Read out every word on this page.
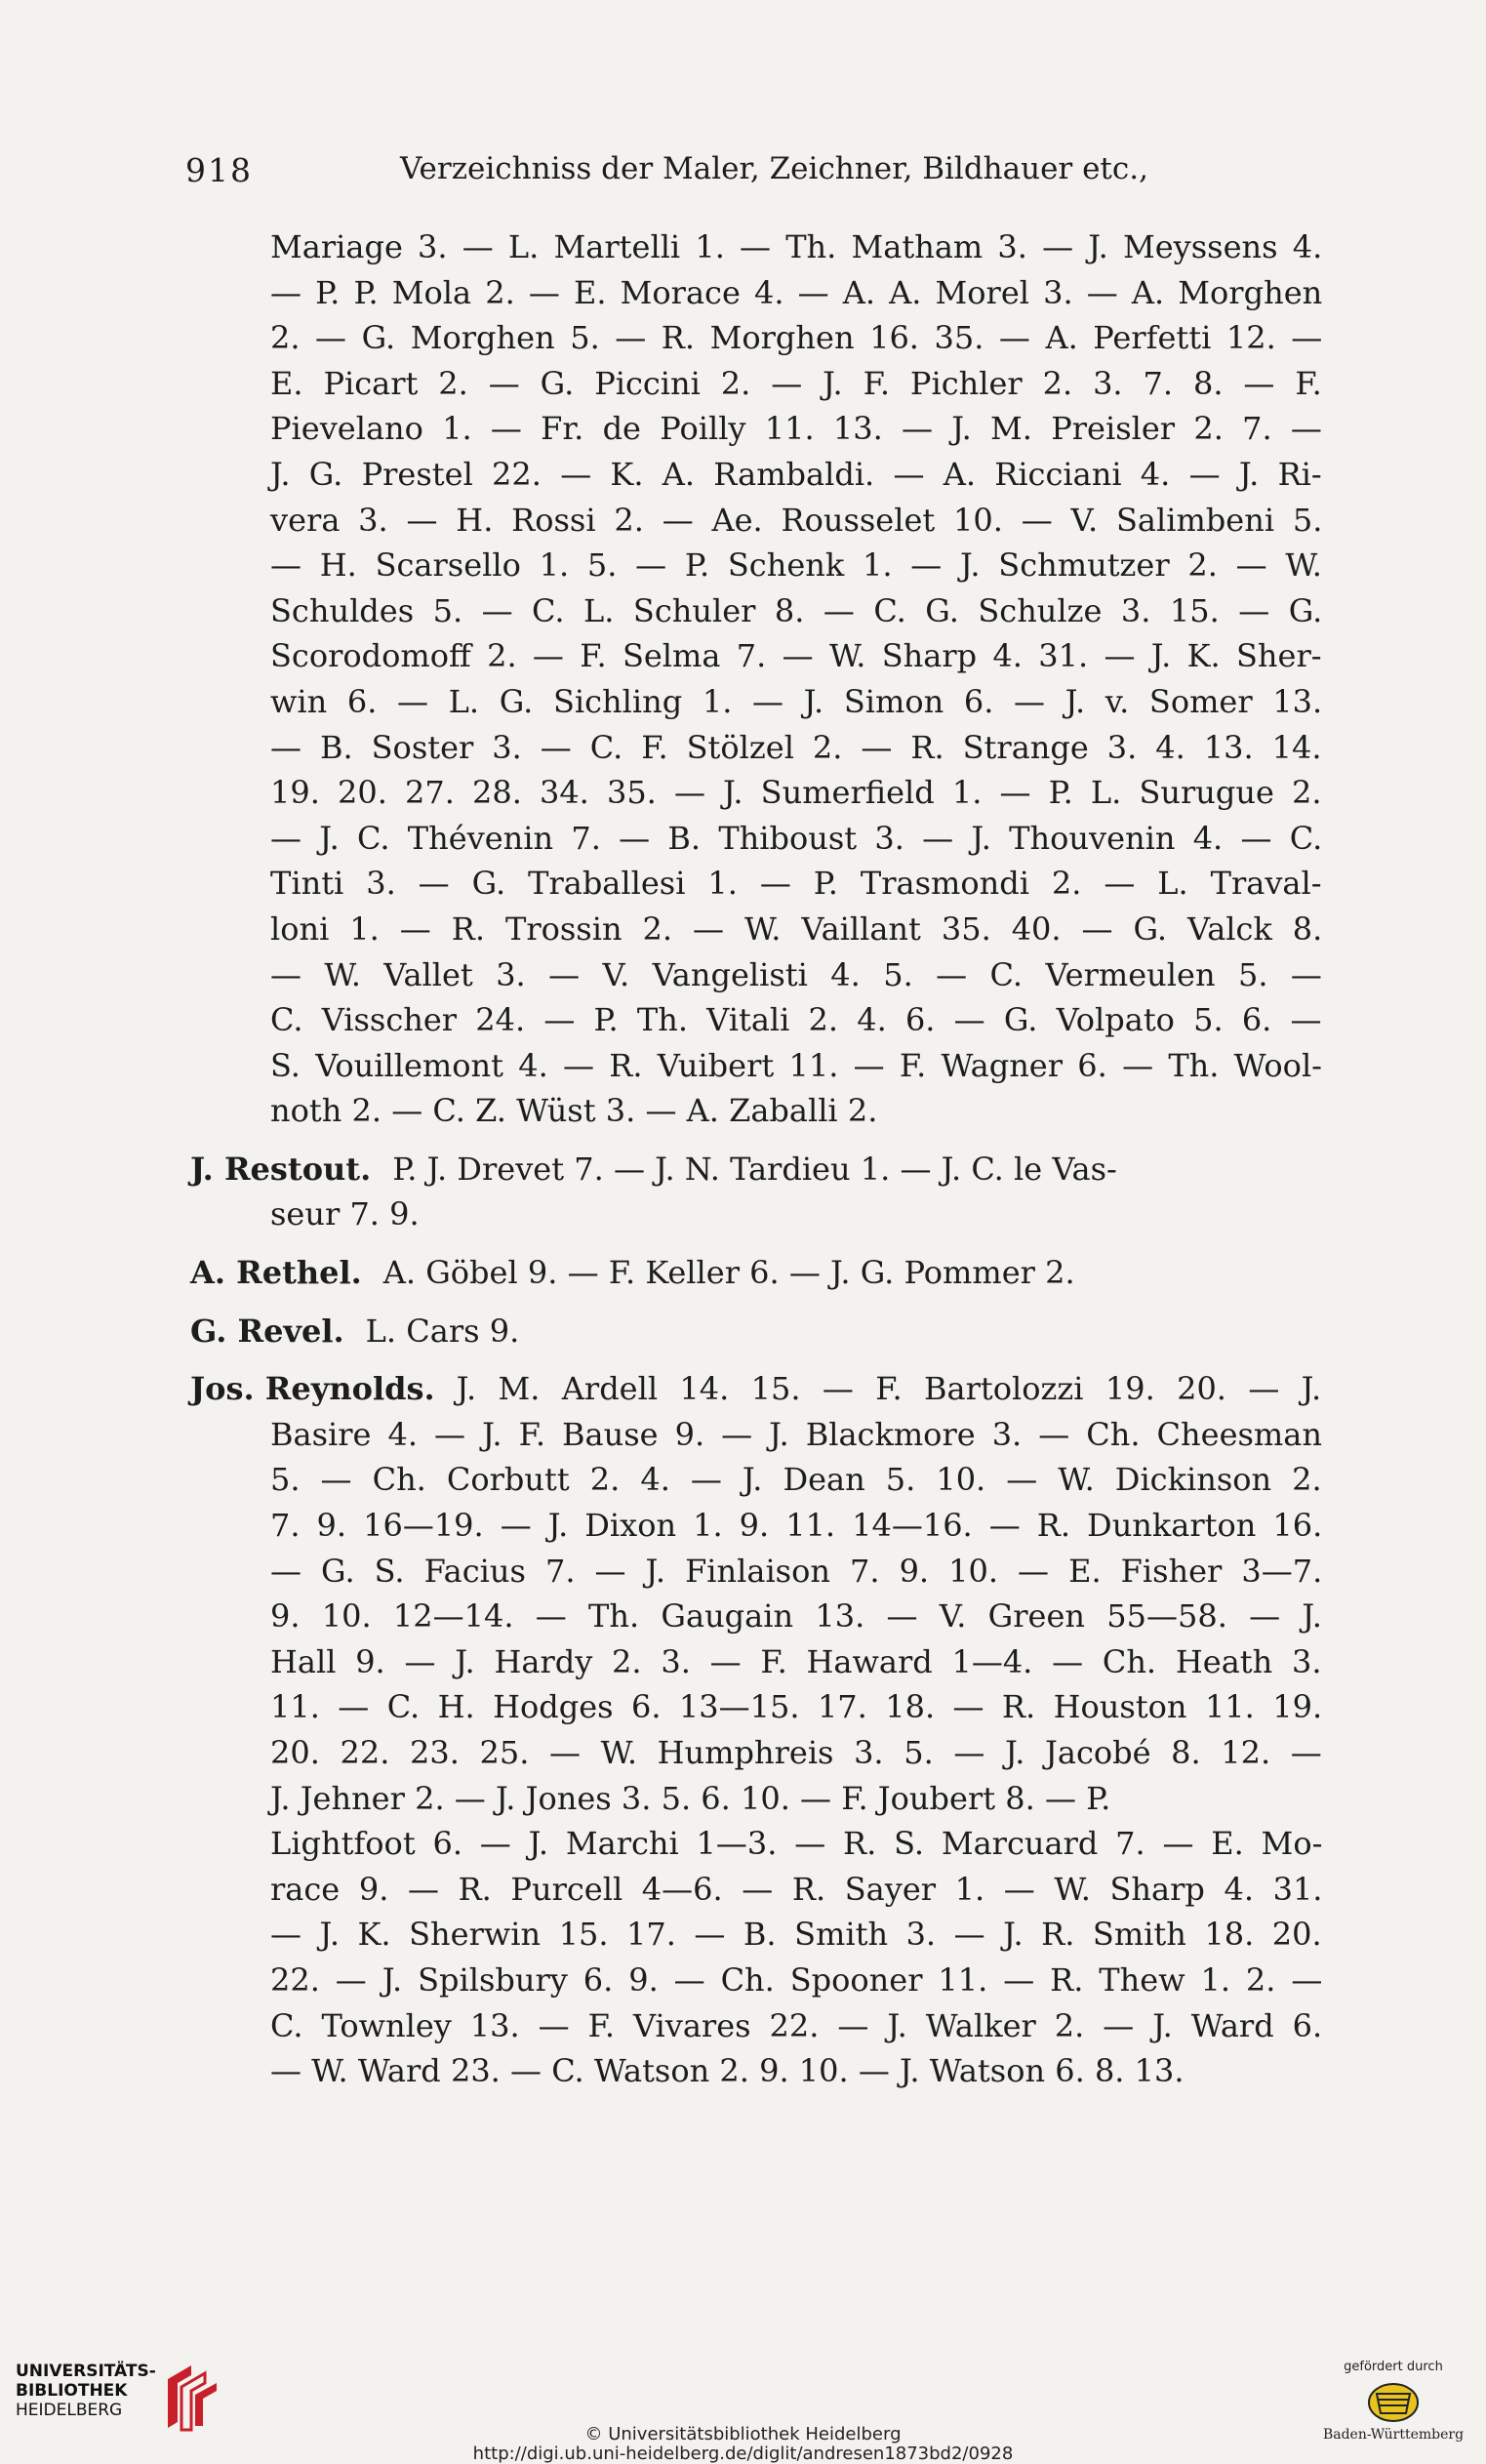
918	Verzeichniss der Maler, Zeichner, Bildhauer etc.,
Mariage 3. — L. Martelli 1. — Th. Matham 3. — J. Meyssens 4.
— P. P. Mola 2. — E. Morace 4. — A. A. Morel 3. — A. Morghen
2. — G. Morghen 5. — R. Morghen 16. 35. — A. Perfetti 12. —
E. Picart 2. — G. Piccini 2. — J. F. Pichler 2. 3. 7. 8. — F.
Pievelano 1. — Fr. de Poilly 11. 13. — J. M. Preisler 2. 7. —
J. G. Prestel 22. — K. A. Rambaldi. — A. Ricciani 4. — J. Ri-
vera 3. — H. Rossi 2. — Ae. Rousselet 10. — V. Salimbeni 5.
— H. Scarsello 1. 5. — P. Schenk 1. — J. Schmutzer 2. — W.
Schuldes 5. — C. L. Schuler 8. — C. G. Schulze 3. 15. — G.
Scorodomoff 2. — F. Selma 7. — W. Sharp 4. 31. — J. K. Sher-
win 6. — L. G. Sichling 1. — J. Simon 6. — J. v. Somer 13.
— B. Soster 3. — C. F. Stölzel 2. — R. Strange 3. 4. 13. 14.
19. 20. 27. 28. 34. 35. — J. Sumerfield 1. — P. L. Surugue 2.
— J. C. Thévenin 7. — B. Thiboust 3. — J. Thouvenin 4. — C.
Tinti 3. — G. Traballesi 1. — P. Trasmondi 2. — L. Traval-
loni 1. — R. Trossin 2. — W. Vaillant 35. 40. — G. Valck 8.
— W. Vallet 3. — V. Vangelisti 4. 5. — C. Vermeulen 5. —
C. Visscher 24. — P. Th. Vitali 2. 4. 6. — G. Volpato 5. 6. —
S. Vouillemont 4. — R. Vuibert 11. — F. Wagner 6. — Th. Wool-
noth 2. — C. Z. Wüst 3. — A. Zaballi 2.
J. Restout. P. J. Drevet 7. — J. N. Tardieu 1. — J. C. le Vas-
seur 7. 9.
A. Rethel. A. Göbel 9. — F. Keller 6. — J. G. Pommer 2.
G. Revel. L. Cars 9.
Jos. Reynolds. J. M. Ardell 14. 15. — F. Bartolozzi 19. 20. — J.
Basire 4. — J. F. Bause 9. — J. Blackmore 3. — Ch. Cheesman
5. — Ch. Corbutt 2. 4. — J. Dean 5. 10. — W. Dickinson 2.
7. 9. 16—19. — J. Dixon 1. 9. 11. 14—16. — R. Dunkarton 16.
— G. S. Facius 7. — J. Finlaison 7. 9. 10. — E. Fisher 3—7.
9. 10. 12—14. — Th. Gaugain 13. — V. Green 55—58. — J.
Hall 9. — J. Hardy 2. 3. — F. Haward 1—4. — Ch. Heath 3.
11. — C. H. Hodges 6. 13—15. 17. 18. — R. Houston 11. 19.
20. 22. 23. 25. — W. Humphreis 3. 5. — J. Jacobé 8. 12. —
J. Jehner 2. — J. Jones 3. 5. 6. 10. — F. Joubert 8. — P.
Lightfoot 6. — J. Marchi 1—3. — R. S. Marcuard 7. — E. Mo-
race 9. — R. Purcell 4—6. — R. Sayer 1. — W. Sharp 4. 31.
— J. K. Sherwin 15. 17. — B. Smith 3. — J. R. Smith 18. 20.
22. — J. Spilsbury 6. 9. — Ch. Spooner 11. — R. Thew 1. 2. —
C. Townley 13. — F. Vivares 22. — J. Walker 2. — J. Ward 6.
— W. Ward 23. — C. Watson 2. 9. 10. — J. Watson 6. 8. 13.
UNIVERSITÄTS-
BIBLIOTHEK
HEIDELBERG
© Universitätsbibliothek Heidelberg
http://digi.ub.uni-heidelberg.de/diglit/andresen1873bd2/0928
gefördert durch
Baden-Württemberg
